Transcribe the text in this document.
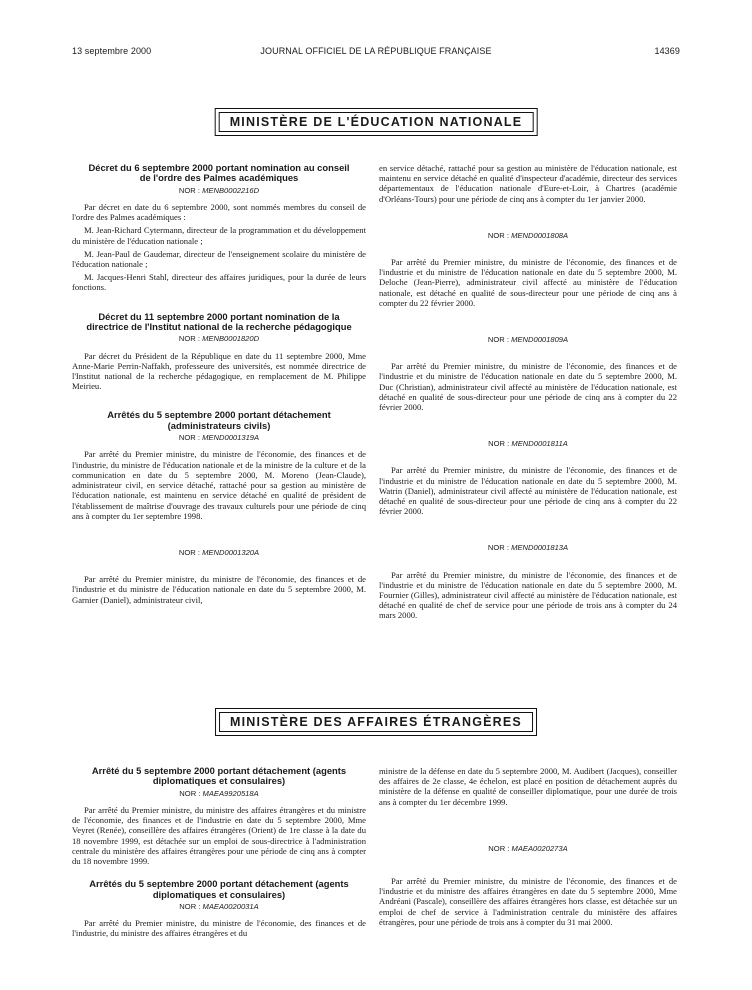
13 septembre 2000	JOURNAL OFFICIEL DE LA RÉPUBLIQUE FRANÇAISE	14369
MINISTÈRE DE L'ÉDUCATION NATIONALE
Décret du 6 septembre 2000 portant nomination au conseil de l'ordre des Palmes académiques
NOR : MENB0002216D

Par décret en date du 6 septembre 2000, sont nommés membres du conseil de l'ordre des Palmes académiques :

M. Jean-Richard Cytermann, directeur de la programmation et du développement du ministère de l'éducation nationale ;

M. Jean-Paul de Gaudemar, directeur de l'enseignement scolaire du ministère de l'éducation nationale ;

M. Jacques-Henri Stahl, directeur des affaires juridiques, pour la durée de leurs fonctions.

Décret du 11 septembre 2000 portant nomination de la directrice de l'Institut national de la recherche pédagogique
NOR : MENB0001820D

Par décret du Président de la République en date du 11 septembre 2000, Mme Anne-Marie Perrin-Naffakh, professeure des universités, est nommée directrice de l'Institut national de la recherche pédagogique, en remplacement de M. Philippe Meirieu.

Arrêtés du 5 septembre 2000 portant détachement (administrateurs civils)
NOR : MEND0001319A

Par arrêté du Premier ministre, du ministre de l'économie, des finances et de l'industrie, du ministre de l'éducation nationale et de la ministre de la culture et de la communication en date du 5 septembre 2000, M. Moreno (Jean-Claude), administrateur civil, en service détaché, rattaché pour sa gestion au ministère de l'éducation nationale, est maintenu en service détaché en qualité de président de l'établissement de maîtrise d'ouvrage des travaux culturels pour une période de cinq ans à compter du 1er septembre 1998.

NOR : MEND0001320A

Par arrêté du Premier ministre, du ministre de l'économie, des finances et de l'industrie et du ministre de l'éducation nationale en date du 5 septembre 2000, M. Garnier (Daniel), administrateur civil,

en service détaché, rattaché pour sa gestion au ministère de l'éducation nationale, est maintenu en service détaché en qualité d'inspecteur d'académie, directeur des services départementaux de l'éducation nationale d'Eure-et-Loir, à Chartres (académie d'Orléans-Tours) pour une période de cinq ans à compter du 1er janvier 2000.

NOR : MEND0001808A

Par arrêté du Premier ministre, du ministre de l'économie, des finances et de l'industrie et du ministre de l'éducation nationale en date du 5 septembre 2000, M. Deloche (Jean-Pierre), administrateur civil affecté au ministère de l'éducation nationale, est détaché en qualité de sous-directeur pour une période de cinq ans à compter du 22 février 2000.

NOR : MEND0001809A

Par arrêté du Premier ministre, du ministre de l'économie, des finances et de l'industrie et du ministre de l'éducation nationale en date du 5 septembre 2000, M. Duc (Christian), administrateur civil affecté au ministère de l'éducation nationale, est détaché en qualité de sous-directeur pour une période de cinq ans à compter du 22 février 2000.

NOR : MEND0001811A

Par arrêté du Premier ministre, du ministre de l'économie, des finances et de l'industrie et du ministre de l'éducation nationale en date du 5 septembre 2000, M. Watrin (Daniel), administrateur civil affecté au ministère de l'éducation nationale, est détaché en qualité de sous-directeur pour une période de cinq ans à compter du 22 février 2000.

NOR : MEND0001813A

Par arrêté du Premier ministre, du ministre de l'économie, des finances et de l'industrie et du ministre de l'éducation nationale en date du 5 septembre 2000, M. Fournier (Gilles), administrateur civil affecté au ministère de l'éducation nationale, est détaché en qualité de chef de service pour une période de trois ans à compter du 24 mars 2000.

MINISTÈRE DES AFFAIRES ÉTRANGÈRES
Arrêté du 5 septembre 2000 portant détachement (agents diplomatiques et consulaires)
NOR : MAEA9920518A

Par arrêté du Premier ministre, du ministre des affaires étrangères et du ministre de l'économie, des finances et de l'industrie en date du 5 septembre 2000, Mme Veyret (Renée), conseillère des affaires étrangères (Orient) de 1re classe à la date du 18 novembre 1999, est détachée sur un emploi de sous-directrice à l'administration centrale du ministère des affaires étrangères pour une période de cinq ans à compter du 18 novembre 1999.

Arrêtés du 5 septembre 2000 portant détachement (agents diplomatiques et consulaires)
NOR : MAEA0020031A

Par arrêté du Premier ministre, du ministre de l'économie, des finances et de l'industrie, du ministre des affaires étrangères et du

ministre de la défense en date du 5 septembre 2000, M. Audibert (Jacques), conseiller des affaires de 2e classe, 4e échelon, est placé en position de détachement auprès du ministère de la défense en qualité de conseiller diplomatique, pour une durée de trois ans à compter du 1er décembre 1999.

NOR : MAEA0020273A

Par arrêté du Premier ministre, du ministre de l'économie, des finances et de l'industrie et du ministre des affaires étrangères en date du 5 septembre 2000, Mme Andréani (Pascale), conseillère des affaires étrangères hors classe, est détachée sur un emploi de chef de service à l'administration centrale du ministère des affaires étrangères, pour une période de trois ans à compter du 31 mai 2000.
